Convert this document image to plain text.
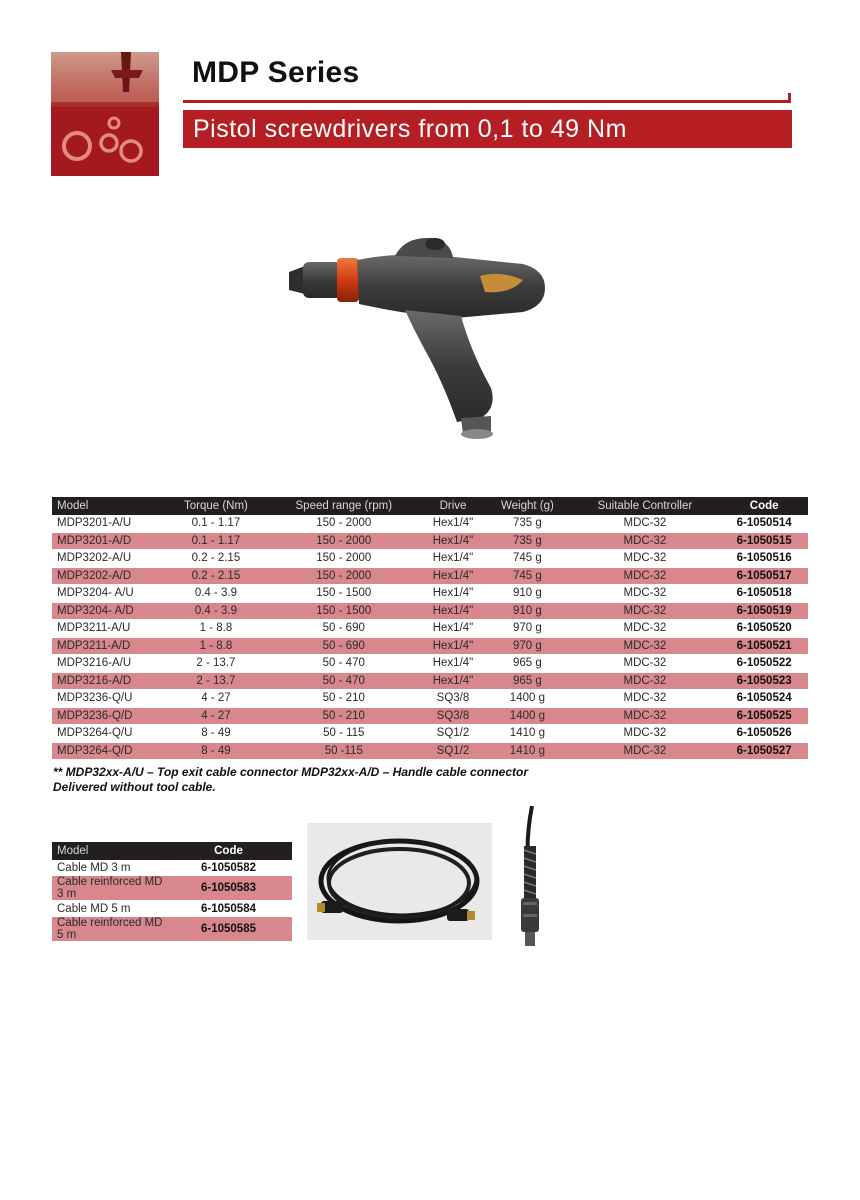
MDP Series
Pistol screwdrivers from 0,1 to 49 Nm
Model	Torque (Nm)	Speed range (rpm)	Drive	Weight (g)	Suitable Controller	Code
MDP3201-A/U	0.1 - 1.17	150 - 2000	Hex1/4"	735 g	MDC-32	6-1050514
MDP3201-A/D	0.1 - 1.17	150 - 2000	Hex1/4"	735 g	MDC-32	6-1050515
MDP3202-A/U	0.2 - 2.15	150 - 2000	Hex1/4"	745 g	MDC-32	6-1050516
MDP3202-A/D	0.2 - 2.15	150 - 2000	Hex1/4"	745 g	MDC-32	6-1050517
MDP3204- A/U	0.4 - 3.9	150 - 1500	Hex1/4"	910 g	MDC-32	6-1050518
MDP3204- A/D	0.4 - 3.9	150 - 1500	Hex1/4"	910 g	MDC-32	6-1050519
MDP3211-A/U	1 - 8.8	50 - 690	Hex1/4"	970 g	MDC-32	6-1050520
MDP3211-A/D	1 - 8.8	50 - 690	Hex1/4"	970 g	MDC-32	6-1050521
MDP3216-A/U	2 - 13.7	50 - 470	Hex1/4"	965 g	MDC-32	6-1050522
MDP3216-A/D	2 - 13.7	50 - 470	Hex1/4"	965 g	MDC-32	6-1050523
MDP3236-Q/U	4 - 27	50 - 210	SQ3/8	1400 g	MDC-32	6-1050524
MDP3236-Q/D	4 - 27	50 - 210	SQ3/8	1400 g	MDC-32	6-1050525
MDP3264-Q/U	8 - 49	50 - 115	SQ1/2	1410 g	MDC-32	6-1050526
MDP3264-Q/D	8 - 49	50 -115	SQ1/2	1410 g	MDC-32	6-1050527
** MDP32xx-A/U – Top exit cable connector MDP32xx-A/D – Handle cable connector
Delivered without tool cable.
Model	Code
Cable MD 3 m	6-1050582
Cable reinforced MD 3 m	6-1050583
Cable MD 5 m	6-1050584
Cable reinforced MD 5 m	6-1050585
